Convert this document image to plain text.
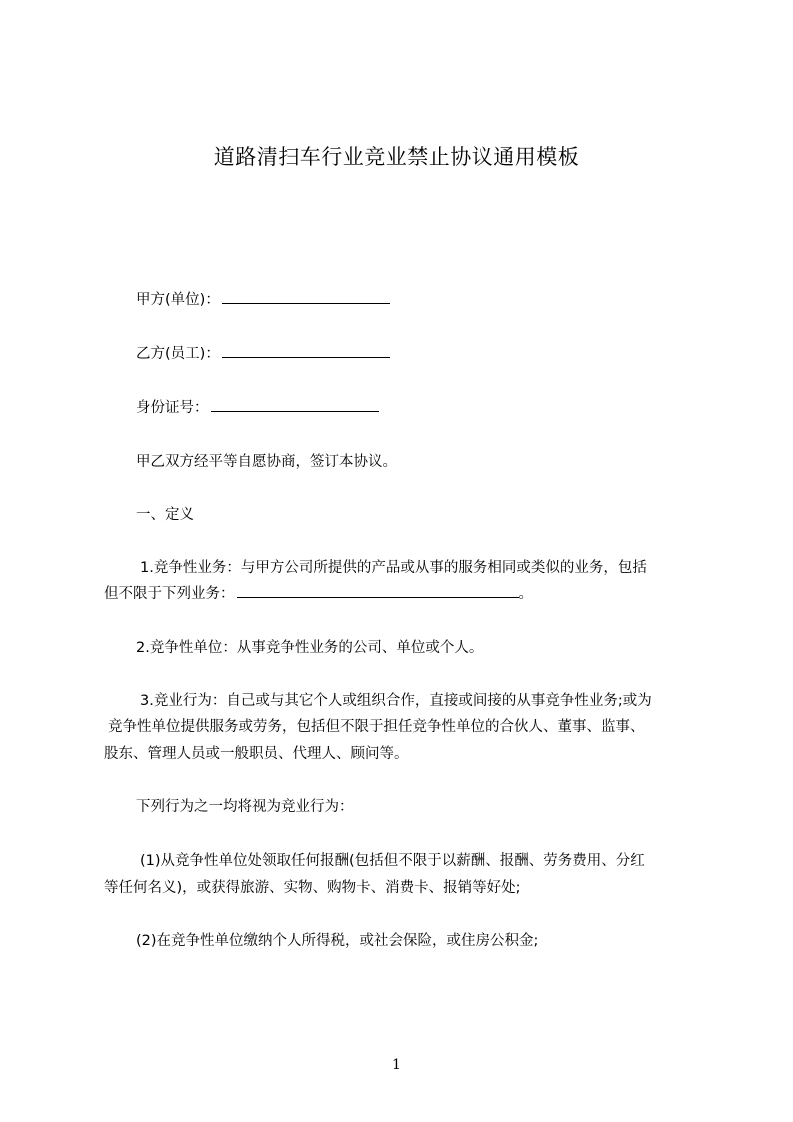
道路清扫车行业竞业禁止协议通用模板
甲方(单位)：
乙方(员工)：
身份证号：
甲乙双方经平等自愿协商，签订本协议。
一、定义
1.竞争性业务：与甲方公司所提供的产品或从事的服务相同或类似的业务，包括
但不限于下列业务：	。
2.竞争性单位：从事竞争性业务的公司、单位或个人。
3.竞业行为：自己或与其它个人或组织合作，直接或间接的从事竞争性业务;或为
竞争性单位提供服务或劳务，包括但不限于担任竞争性单位的合伙人、董事、监事、
股东、管理人员或一般职员、代理人、顾问等。
下列行为之一均将视为竞业行为：
(1)从竞争性单位处领取任何报酬(包括但不限于以薪酬、报酬、劳务费用、分红
等任何名义)，或获得旅游、实物、购物卡、消费卡、报销等好处;
(2)在竞争性单位缴纳个人所得税，或社会保险，或住房公积金;
1
